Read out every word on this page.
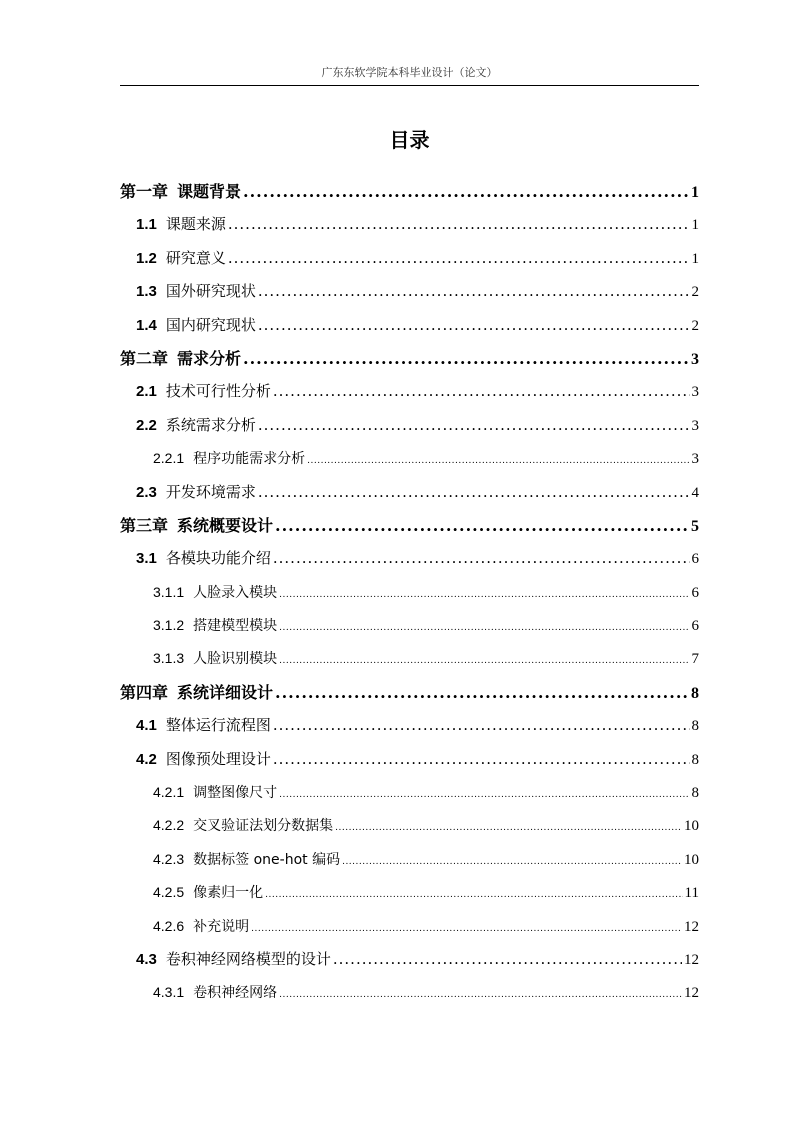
广东东软学院本科毕业设计（论文）
目录
第一章 课题背景 .....	1
1.1 课题来源 .....	1
1.2 研究意义 .....	1
1.3 国外研究现状 .....	2
1.4 国内研究现状 .....	2
第二章 需求分析 .....	3
2.1 技术可行性分析 .....	3
2.2 系统需求分析 .....	3
2.2.1 程序功能需求分析 .....	3
2.3 开发环境需求 .....	4
第三章 系统概要设计 .....	5
3.1 各模块功能介绍 .....	6
3.1.1 人脸录入模块 .....	6
3.1.2 搭建模型模块 .....	6
3.1.3 人脸识别模块 .....	7
第四章 系统详细设计 .....	8
4.1 整体运行流程图 .....	8
4.2 图像预处理设计 .....	8
4.2.1 调整图像尺寸 .....	8
4.2.2 交叉验证法划分数据集 .....	10
4.2.3 数据标签 one-hot 编码 .....	10
4.2.5 像素归一化 .....	11
4.2.6 补充说明 .....	12
4.3 卷积神经网络模型的设计 .....	12
4.3.1 卷积神经网络 .....	12
